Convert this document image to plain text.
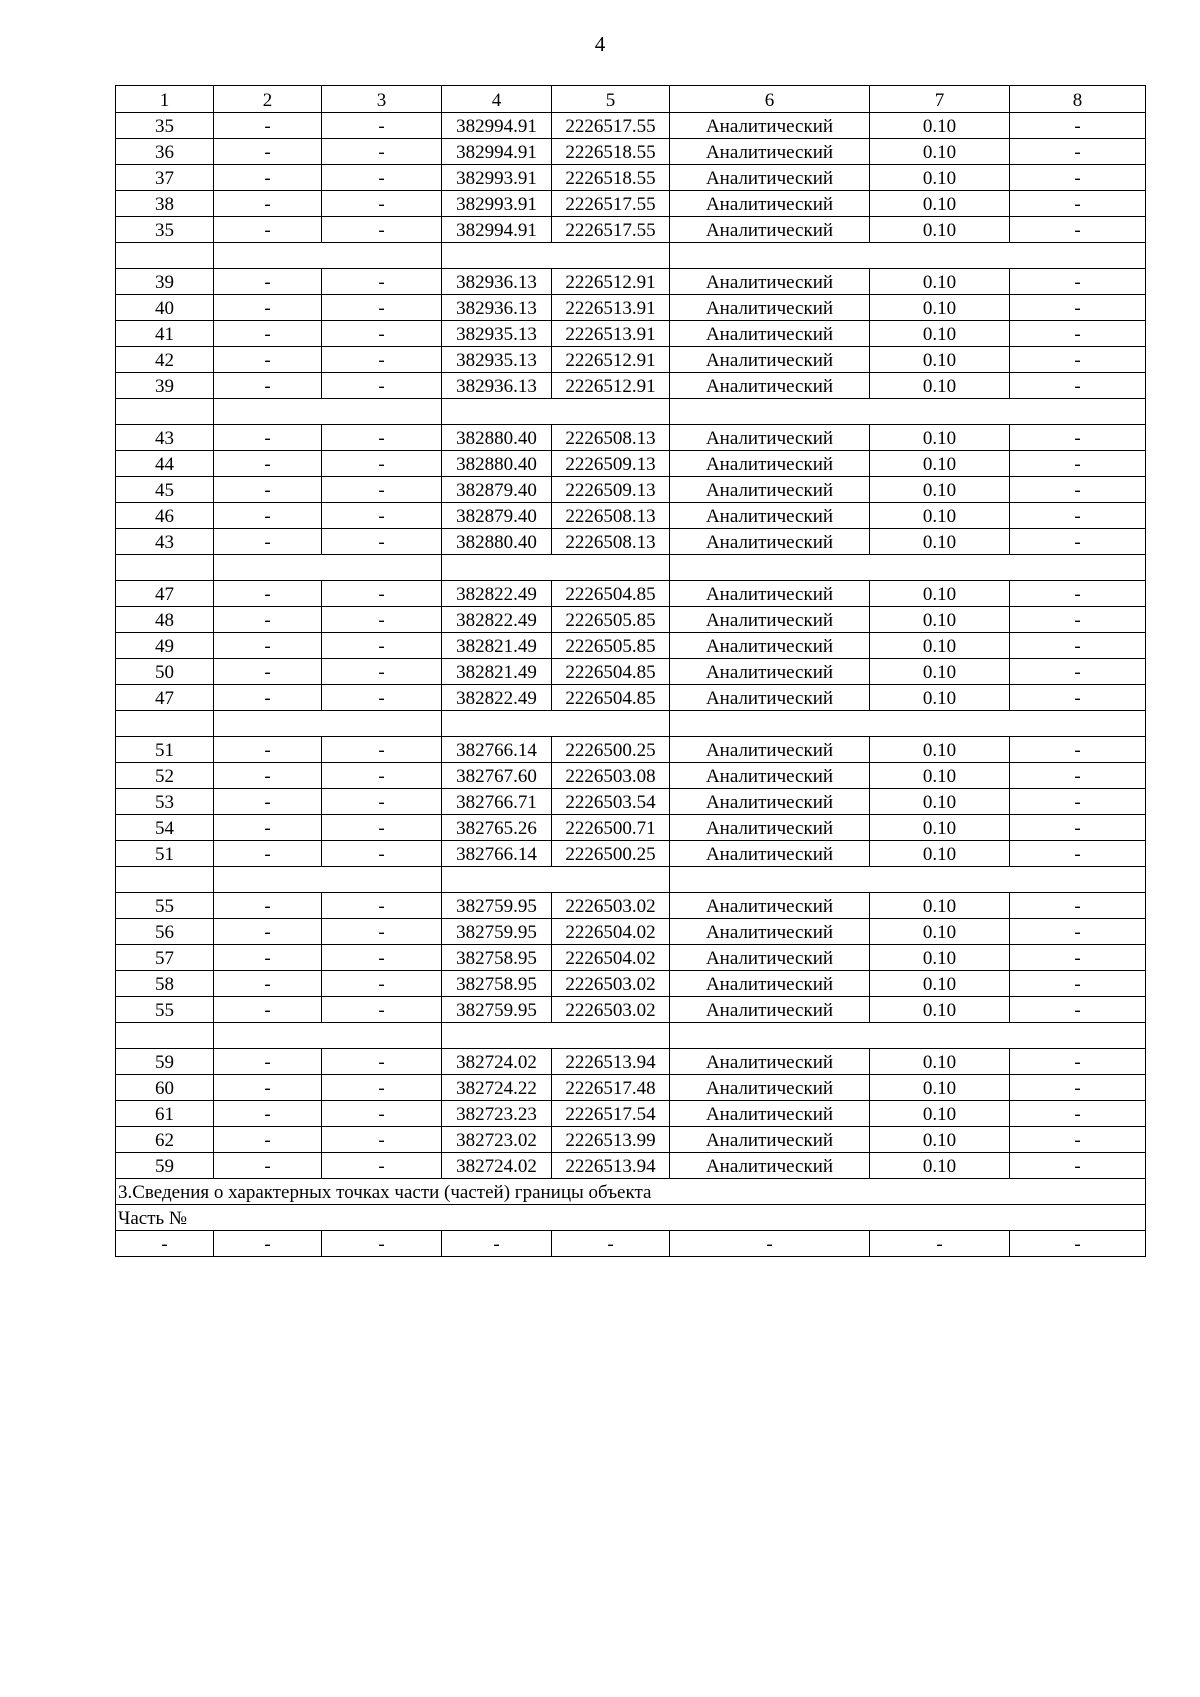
4
1	2	3	4	5	6	7	8
35	-	-	382994.91	2226517.55	Аналитический	0.10	-
36	-	-	382994.91	2226518.55	Аналитический	0.10	-
37	-	-	382993.91	2226518.55	Аналитический	0.10	-
38	-	-	382993.91	2226517.55	Аналитический	0.10	-
35	-	-	382994.91	2226517.55	Аналитический	0.10	-

39	-	-	382936.13	2226512.91	Аналитический	0.10	-
40	-	-	382936.13	2226513.91	Аналитический	0.10	-
41	-	-	382935.13	2226513.91	Аналитический	0.10	-
42	-	-	382935.13	2226512.91	Аналитический	0.10	-
39	-	-	382936.13	2226512.91	Аналитический	0.10	-

43	-	-	382880.40	2226508.13	Аналитический	0.10	-
44	-	-	382880.40	2226509.13	Аналитический	0.10	-
45	-	-	382879.40	2226509.13	Аналитический	0.10	-
46	-	-	382879.40	2226508.13	Аналитический	0.10	-
43	-	-	382880.40	2226508.13	Аналитический	0.10	-

47	-	-	382822.49	2226504.85	Аналитический	0.10	-
48	-	-	382822.49	2226505.85	Аналитический	0.10	-
49	-	-	382821.49	2226505.85	Аналитический	0.10	-
50	-	-	382821.49	2226504.85	Аналитический	0.10	-
47	-	-	382822.49	2226504.85	Аналитический	0.10	-

51	-	-	382766.14	2226500.25	Аналитический	0.10	-
52	-	-	382767.60	2226503.08	Аналитический	0.10	-
53	-	-	382766.71	2226503.54	Аналитический	0.10	-
54	-	-	382765.26	2226500.71	Аналитический	0.10	-
51	-	-	382766.14	2226500.25	Аналитический	0.10	-

55	-	-	382759.95	2226503.02	Аналитический	0.10	-
56	-	-	382759.95	2226504.02	Аналитический	0.10	-
57	-	-	382758.95	2226504.02	Аналитический	0.10	-
58	-	-	382758.95	2226503.02	Аналитический	0.10	-
55	-	-	382759.95	2226503.02	Аналитический	0.10	-

59	-	-	382724.02	2226513.94	Аналитический	0.10	-
60	-	-	382724.22	2226517.48	Аналитический	0.10	-
61	-	-	382723.23	2226517.54	Аналитический	0.10	-
62	-	-	382723.02	2226513.99	Аналитический	0.10	-
59	-	-	382724.02	2226513.94	Аналитический	0.10	-
3.Сведения о характерных точках части (частей) границы объекта							
Часть №							
-	-	-	-	-	-	-	-
